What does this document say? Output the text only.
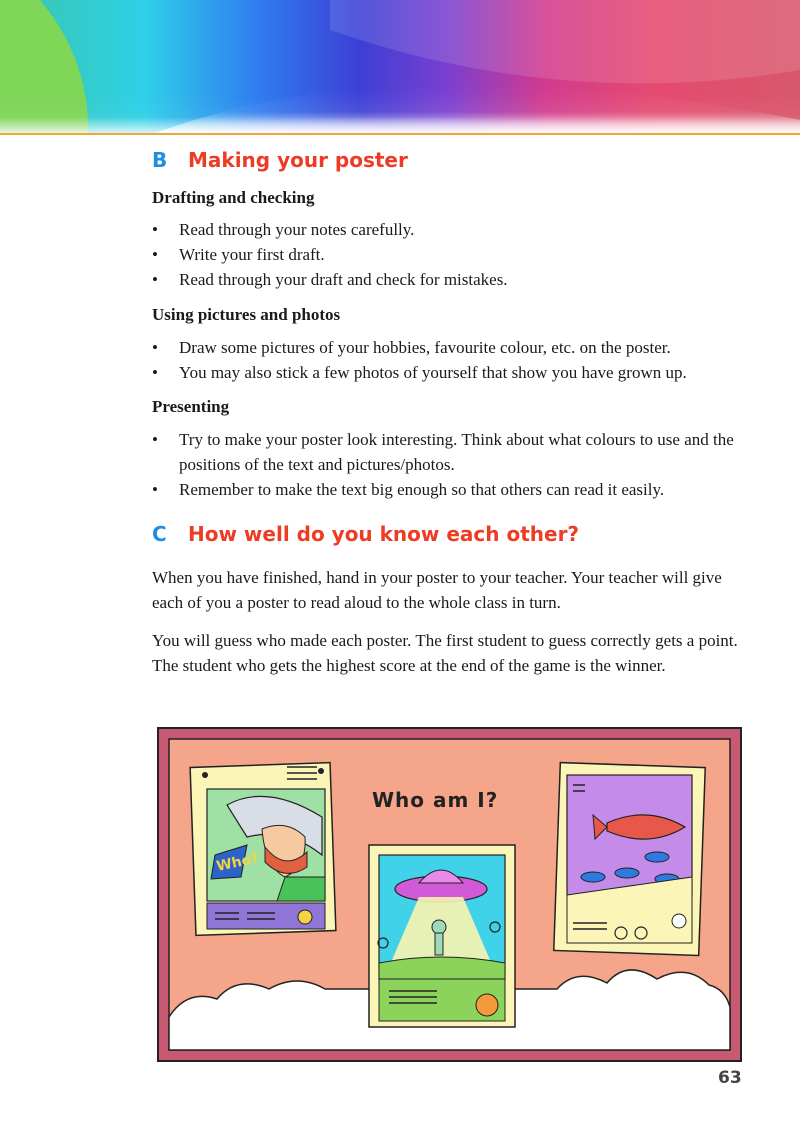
B Making your poster
Drafting and checking
• Read through your notes carefully.
• Write your first draft.
• Read through your draft and check for mistakes.
Using pictures and photos
• Draw some pictures of your hobbies, favourite colour, etc. on the poster.
• You may also stick a few photos of yourself that show you have grown up.
Presenting
• Try to make your poster look interesting. Think about what colours to use and the positions of the text and pictures/photos.
• Remember to make the text big enough so that others can read it easily.
C How well do you know each other?

When you have finished, hand in your poster to your teacher. Your teacher will give each of you a poster to read aloud to the whole class in turn.

You will guess who made each poster. The first student to guess correctly gets a point. The student who gets the highest score at the end of the game is the winner.

Who?
Who am I?
63
